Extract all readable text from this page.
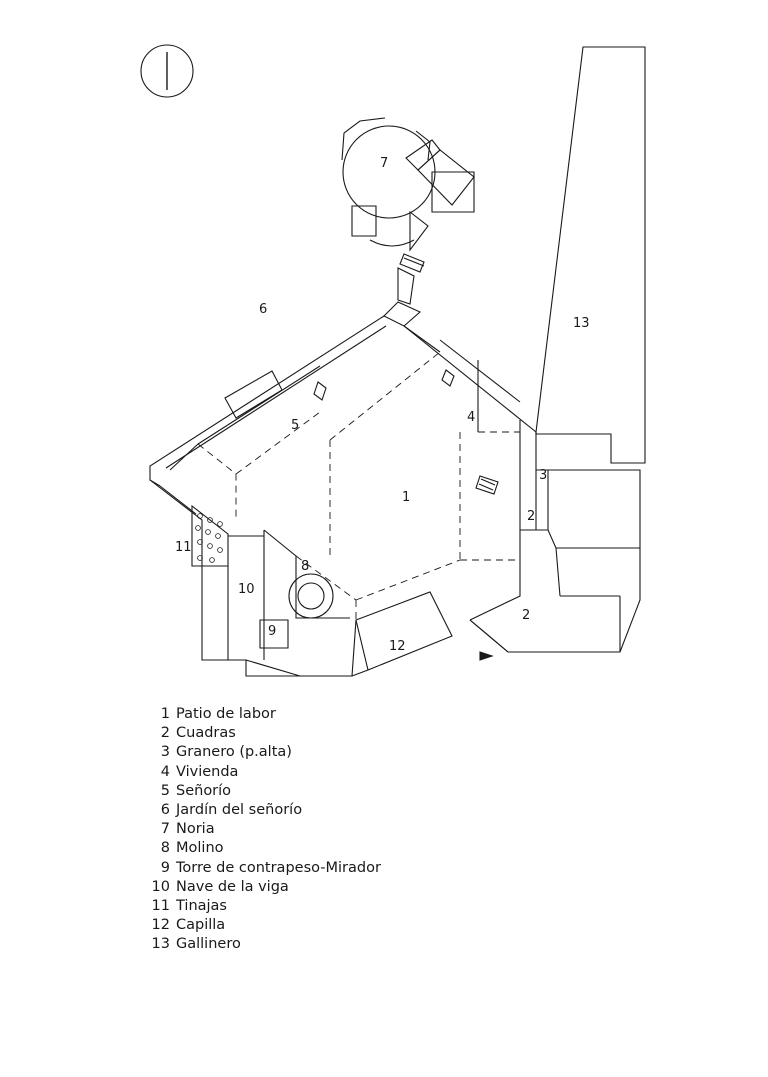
1
2
2
3
4
5
6
7
8
9
10
11
12
13
1 Patio de labor
2 Cuadras
3 Granero (p.alta)
4 Vivienda
5 Señorío
6 Jardín del señorío
7 Noria
8 Molino
9 Torre de contrapeso-Mirador
10 Nave de la viga
11 Tinajas
12 Capilla
13 Gallinero
